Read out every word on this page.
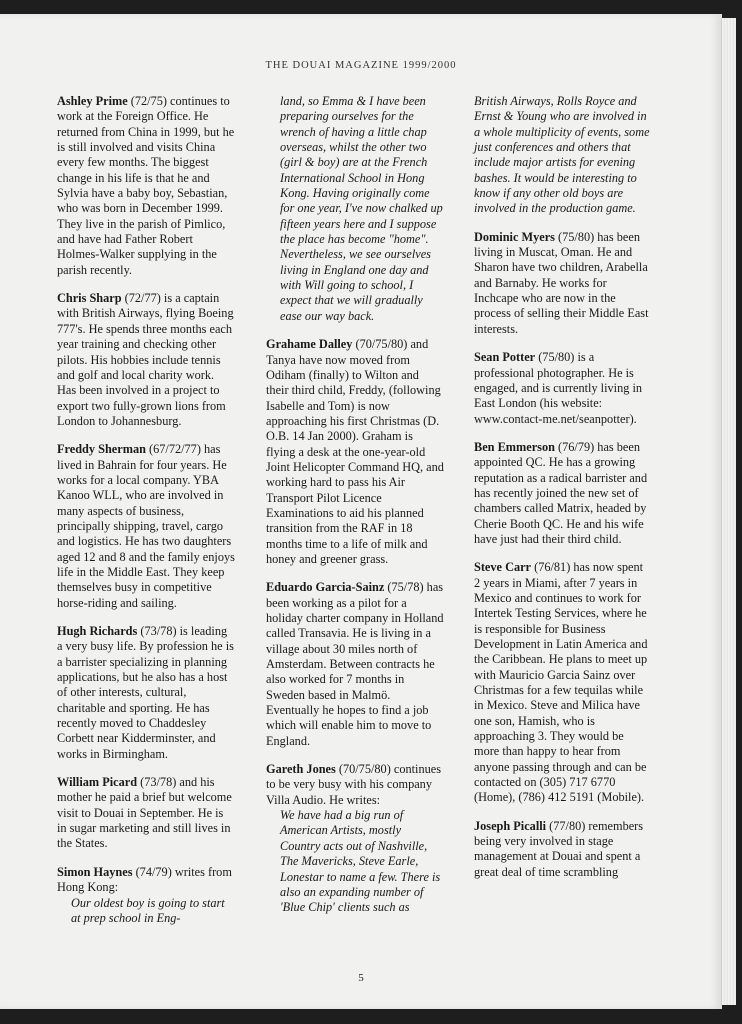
THE DOUAI MAGAZINE 1999/2000

Ashley Prime (72/75) continues to work at the Foreign Office. He returned from China in 1999, but he is still involved and visits China every few months. The biggest change in his life is that he and Sylvia have a baby boy, Sebastian, who was born in December 1999. They live in the parish of Pimlico, and have had Father Robert Holmes-Walker supplying in the parish recently.

Chris Sharp (72/77) is a captain with British Airways, flying Boeing 777's. He spends three months each year training and checking other pilots. His hobbies include tennis and golf and local charity work. Has been involved in a project to export two fully-grown lions from London to Johannesburg.

Freddy Sherman (67/72/77) has lived in Bahrain for four years. He works for a local company. YBA Kanoo WLL, who are involved in many aspects of business, principally shipping, travel, cargo and logistics. He has two daughters aged 12 and 8 and the family enjoys life in the Middle East. They keep themselves busy in competitive horse-riding and sailing.

Hugh Richards (73/78) is leading a very busy life. By profession he is a barrister specializing in planning applications, but he also has a host of other interests, cultural, charitable and sporting. He has recently moved to Chaddesley Corbett near Kidderminster, and works in Birmingham.

William Picard (73/78) and his mother he paid a brief but welcome visit to Douai in September. He is in sugar marketing and still lives in the States.

Simon Haynes (74/79) writes from Hong Kong:
Our oldest boy is going to start at prep school in Eng-

land, so Emma & I have been preparing ourselves for the wrench of having a little chap overseas, whilst the other two (girl & boy) are at the French International School in Hong Kong. Having originally come for one year, I've now chalked up fifteen years here and I suppose the place has become "home". Nevertheless, we see ourselves living in England one day and with Will going to school, I expect that we will gradually ease our way back.

Grahame Dalley (70/75/80) and Tanya have now moved from Odiham (finally) to Wilton and their third child, Freddy, (following Isabelle and Tom) is now approaching his first Christmas (D. O.B. 14 Jan 2000). Graham is flying a desk at the one-year-old Joint Helicopter Command HQ, and working hard to pass his Air Transport Pilot Licence Examinations to aid his planned transition from the RAF in 18 months time to a life of milk and honey and greener grass.

Eduardo Garcia-Sainz (75/78) has been working as a pilot for a holiday charter company in Holland called Transavia. He is living in a village about 30 miles north of Amsterdam. Between contracts he also worked for 7 months in Sweden based in Malmö. Eventually he hopes to find a job which will enable him to move to England.

Gareth Jones (70/75/80) continues to be very busy with his company Villa Audio. He writes:
We have had a big run of American Artists, mostly Country acts out of Nashville, The Mavericks, Steve Earle, Lonestar to name a few. There is also an expanding number of 'Blue Chip' clients such as

British Airways, Rolls Royce and Ernst & Young who are involved in a whole multiplicity of events, some just conferences and others that include major artists for evening bashes. It would be interesting to know if any other old boys are involved in the production game.

Dominic Myers (75/80) has been living in Muscat, Oman. He and Sharon have two children, Arabella and Barnaby. He works for Inchcape who are now in the process of selling their Middle East interests.

Sean Potter (75/80) is a professional photographer. He is engaged, and is currently living in East London (his website: www.contact-me.net/seanpotter).

Ben Emmerson (76/79) has been appointed QC. He has a growing reputation as a radical barrister and has recently joined the new set of chambers called Matrix, headed by Cherie Booth QC. He and his wife have just had their third child.

Steve Carr (76/81) has now spent 2 years in Miami, after 7 years in Mexico and continues to work for Intertek Testing Services, where he is responsible for Business Development in Latin America and the Caribbean. He plans to meet up with Mauricio Garcia Sainz over Christmas for a few tequilas while in Mexico. Steve and Milica have one son, Hamish, who is approaching 3. They would be more than happy to hear from anyone passing through and can be contacted on (305) 717 6770 (Home), (786) 412 5191 (Mobile).

Joseph Picalli (77/80) remembers being very involved in stage management at Douai and spent a great deal of time scrambling

5
